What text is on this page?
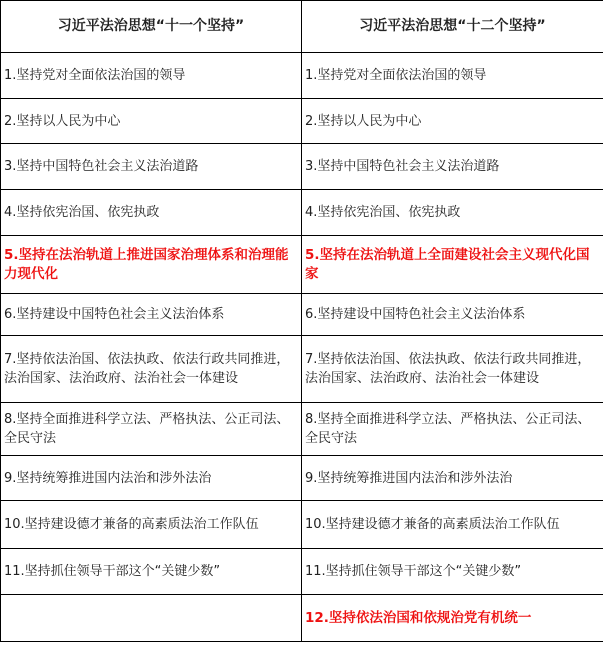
习近平法治思想“十一个坚持”	习近平法治思想“十二个坚持”
1.坚持党对全面依法治国的领导	1.坚持党对全面依法治国的领导
2.坚持以人民为中心	2.坚持以人民为中心
3.坚持中国特色社会主义法治道路	3.坚持中国特色社会主义法治道路
4.坚持依宪治国、依宪执政	4.坚持依宪治国、依宪执政
5.坚持在法治轨道上推进国家治理体系和治理能力现代化	5.坚持在法治轨道上全面建设社会主义现代化国家
6.坚持建设中国特色社会主义法治体系	6.坚持建设中国特色社会主义法治体系
7.坚持依法治国、依法执政、依法行政共同推进，法治国家、法治政府、法治社会一体建设	7.坚持依法治国、依法执政、依法行政共同推进，法治国家、法治政府、法治社会一体建设
8.坚持全面推进科学立法、严格执法、公正司法、全民守法	8.坚持全面推进科学立法、严格执法、公正司法、全民守法
9.坚持统筹推进国内法治和涉外法治	9.坚持统筹推进国内法治和涉外法治
10.坚持建设德才兼备的高素质法治工作队伍	10.坚持建设德才兼备的高素质法治工作队伍
11.坚持抓住领导干部这个“关键少数”	11.坚持抓住领导干部这个“关键少数”
	12.坚持依法治国和依规治党有机统一
